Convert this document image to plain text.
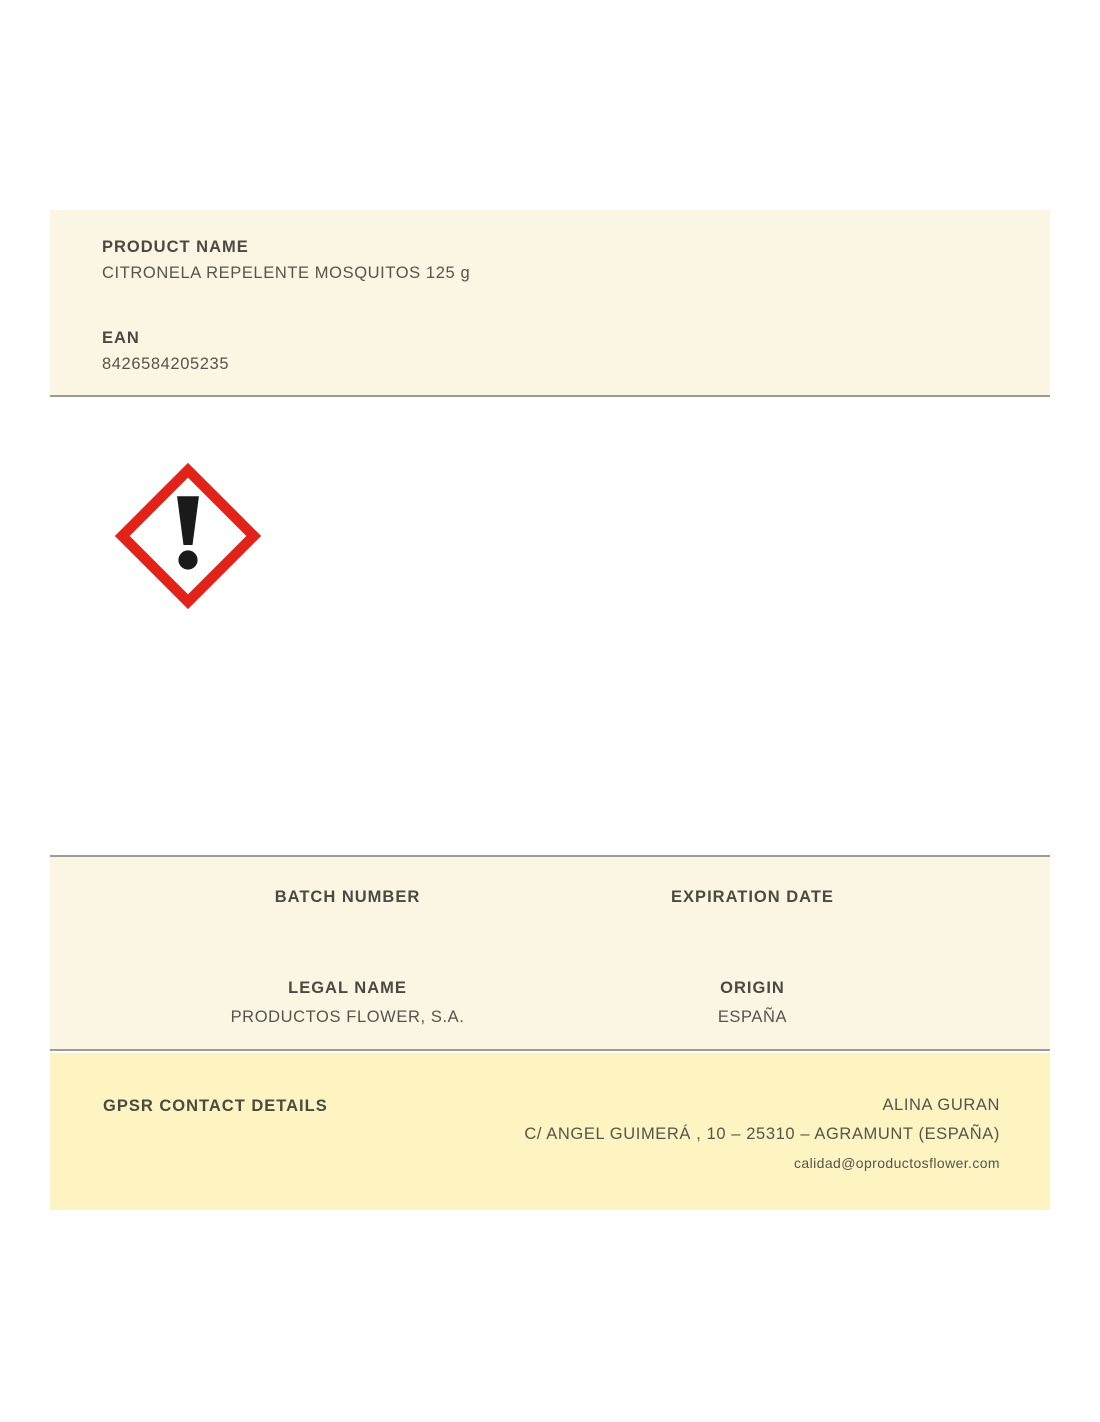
PRODUCT NAME
CITRONELA REPELENTE MOSQUITOS 125 g
EAN
8426584205235
BATCH NUMBER	EXPIRATION DATE
LEGAL NAME
PRODUCTOS FLOWER, S.A.
ORIGIN
ESPAÑA
GPSR CONTACT DETAILS	ALINA GURAN
C/ ANGEL GUIMERÁ , 10 – 25310 – AGRAMUNT (ESPAÑA)
calidad@oproductosflower.com
